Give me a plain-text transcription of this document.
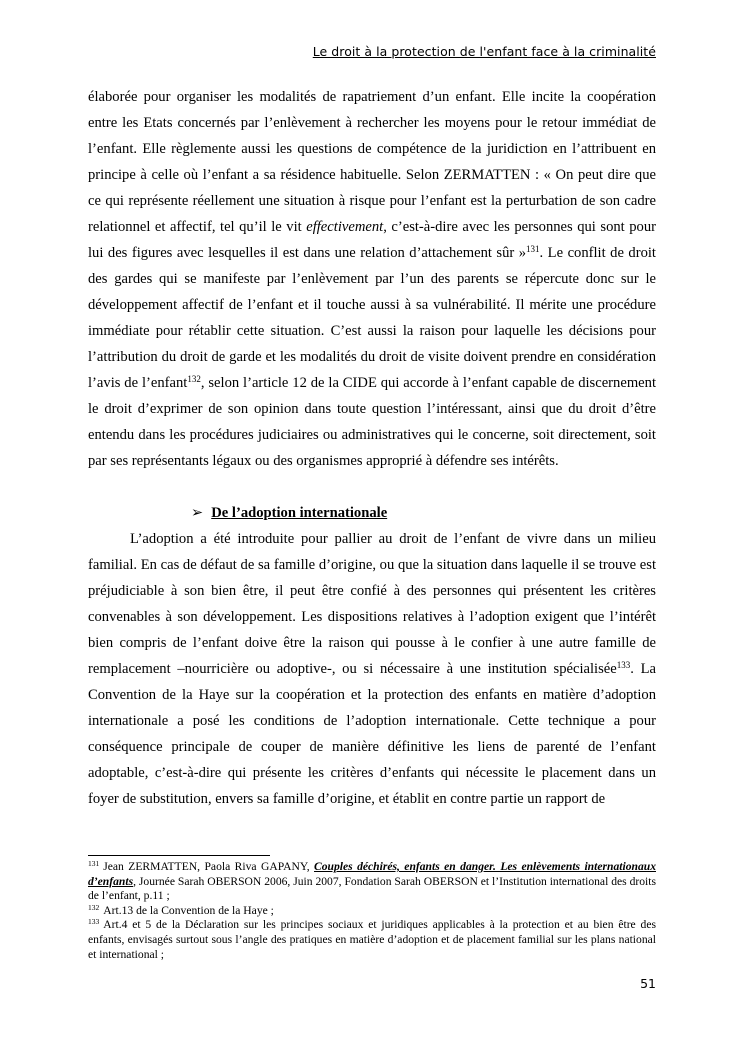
Le droit à la protection de l'enfant face à la criminalité

élaborée pour organiser les modalités de rapatriement d’un enfant. Elle incite la coopération entre les Etats concernés par l’enlèvement à rechercher les moyens pour le retour immédiat de l’enfant. Elle règlemente aussi les questions de compétence de la juridiction en l’attribuent en principe à celle où l’enfant a sa résidence habituelle. Selon ZERMATTEN : « On peut dire que ce qui représente réellement une situation à risque pour l’enfant est la perturbation de son cadre relationnel et affectif, tel qu’il le vit effectivement, c’est-à-dire avec les personnes qui sont pour lui des figures avec lesquelles il est dans une relation d’attachement sûr »$^{131}$. Le conflit de droit des gardes qui se manifeste par l’enlèvement par l’un des parents se répercute donc sur le développement affectif de l’enfant et il touche aussi à sa vulnérabilité. Il mérite une procédure immédiate pour rétablir cette situation. C’est aussi la raison pour laquelle les décisions pour l’attribution du droit de garde et les modalités du droit de visite doivent prendre en considération l’avis de l’enfant$^{132}$, selon l’article 12 de la CIDE qui accorde à l’enfant capable de discernement le droit d’exprimer de son opinion dans toute question l’intéressant, ainsi que du droit d’être entendu dans les procédures judiciaires ou administratives qui le concerne, soit directement, soit par ses représentants légaux ou des organismes approprié à défendre ses intérêts.

➢ De l’adoption internationale

L’adoption a été introduite pour pallier au droit de l’enfant de vivre dans un milieu familial. En cas de défaut de sa famille d’origine, ou que la situation dans laquelle il se trouve est préjudiciable à son bien être, il peut être confié à des personnes qui présentent les critères convenables à son développement. Les dispositions relatives à l’adoption exigent que l’intérêt bien compris de l’enfant doive être la raison qui pousse à le confier à une autre famille de remplacement –nourricière ou adoptive-, ou si nécessaire à une institution spécialisée$^{133}$. La Convention de la Haye sur la coopération et la protection des enfants en matière d’adoption internationale a posé les conditions de l’adoption internationale. Cette technique a pour conséquence principale de couper de manière définitive les liens de parenté de l’enfant adoptable, c’est-à-dire qui présente les critères d’enfants qui nécessite le placement dans un foyer de substitution, envers sa famille d’origine, et établit en contre partie un rapport de

$^{131}$ Jean ZERMATTEN, Paola Riva GAPANY, Couples déchirés, enfants en danger. Les enlèvements internationaux d’enfants, Journée Sarah OBERSON 2006, Juin 2007, Fondation Sarah OBERSON et l’Institution international des droits de l’enfant, p.11 ;

$^{132}$ Art.13 de la Convention de la Haye ;

$^{133}$ Art.4 et 5 de la Déclaration sur les principes sociaux et juridiques applicables à la protection et au bien être des enfants, envisagés surtout sous l’angle des pratiques en matière d’adoption et de placement familial sur les plans national et international ;

51
